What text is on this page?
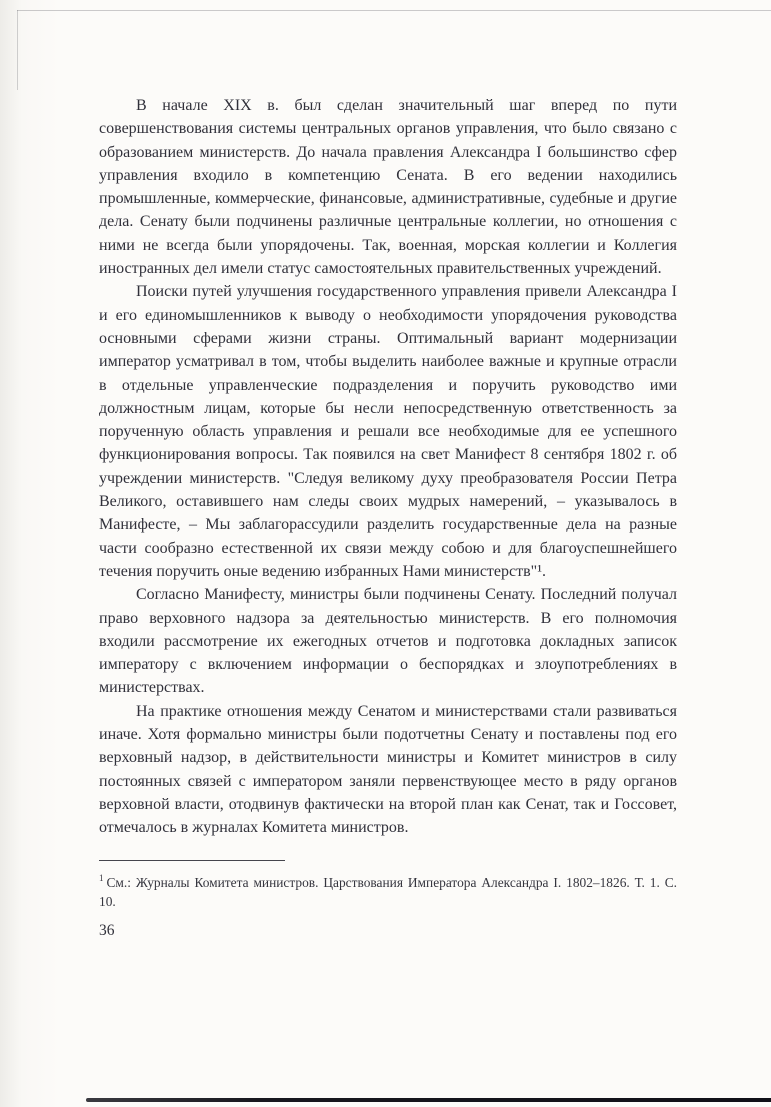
В начале XIX в. был сделан значительный шаг вперед по пути совершенствования системы центральных органов управления, что было связано с образованием министерств. До начала правления Александра I большинство сфер управления входило в компетенцию Сената. В его ведении находились промышленные, коммерческие, финансовые, административные, судебные и другие дела. Сенату были подчинены различные центральные коллегии, но отношения с ними не всегда были упорядочены. Так, военная, морская коллегии и Коллегия иностранных дел имели статус самостоятельных правительственных учреждений.

Поиски путей улучшения государственного управления привели Александра I и его единомышленников к выводу о необходимости упорядочения руководства основными сферами жизни страны. Оптимальный вариант модернизации император усматривал в том, чтобы выделить наиболее важные и крупные отрасли в отдельные управленческие подразделения и поручить руководство ими должностным лицам, которые бы несли непосредственную ответственность за порученную область управления и решали все необходимые для ее успешного функционирования вопросы. Так появился на свет Манифест 8 сентября 1802 г. об учреждении министерств. "Следуя великому духу преобразователя России Петра Великого, оставившего нам следы своих мудрых намерений, – указывалось в Манифесте, – Мы заблагорассудили разделить государственные дела на разные части сообразно естественной их связи между собою и для благоуспешнейшего течения поручить оные ведению избранных Нами министерств"¹.

Согласно Манифесту, министры были подчинены Сенату. Последний получал право верховного надзора за деятельностью министерств. В его полномочия входили рассмотрение их ежегодных отчетов и подготовка докладных записок императору с включением информации о беспорядках и злоупотреблениях в министерствах.

На практике отношения между Сенатом и министерствами стали развиваться иначе. Хотя формально министры были подотчетны Сенату и поставлены под его верховный надзор, в действительности министры и Комитет министров в силу постоянных связей с императором заняли первенствующее место в ряду органов верховной власти, отодвинув фактически на второй план как Сенат, так и Госсовет, отмечалось в журналах Комитета министров.

$^1$ См.: Журналы Комитета министров. Царствования Императора Александра I. 1802–1826. Т. 1. С. 10.

36
